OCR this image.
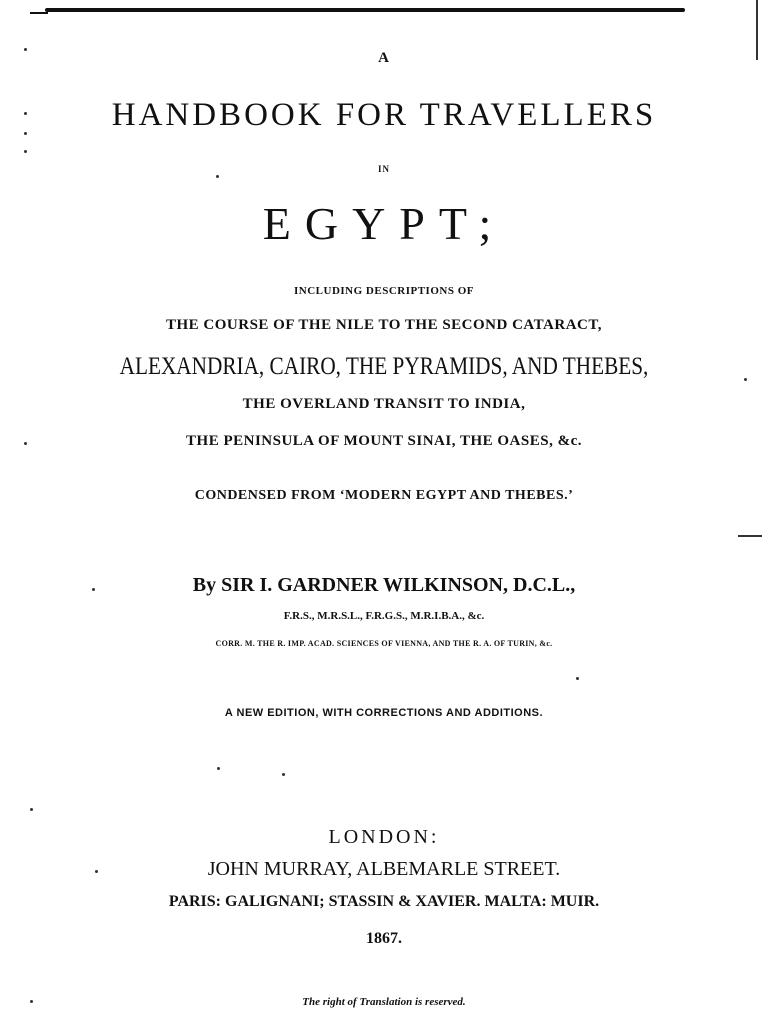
A
HANDBOOK FOR TRAVELLERS
IN
EGYPT;
INCLUDING DESCRIPTIONS OF
THE COURSE OF THE NILE TO THE SECOND CATARACT,
ALEXANDRIA, CAIRO, THE PYRAMIDS, AND THEBES,
THE OVERLAND TRANSIT TO INDIA,
THE PENINSULA OF MOUNT SINAI, THE OASES, &c.
CONDENSED FROM ‘MODERN EGYPT AND THEBES.’
By SIR I. GARDNER WILKINSON, D.C.L.,
F.R.S., M.R.S.L., F.R.G.S., M.R.I.B.A., &c.
CORR. M. THE R. IMP. ACAD. SCIENCES OF VIENNA, AND THE R. A. OF TURIN, &c.
A NEW EDITION, WITH CORRECTIONS AND ADDITIONS.
LONDON:
JOHN MURRAY, ALBEMARLE STREET.
PARIS: GALIGNANI; STASSIN & XAVIER. MALTA: MUIR.
1867.
The right of Translation is reserved.
